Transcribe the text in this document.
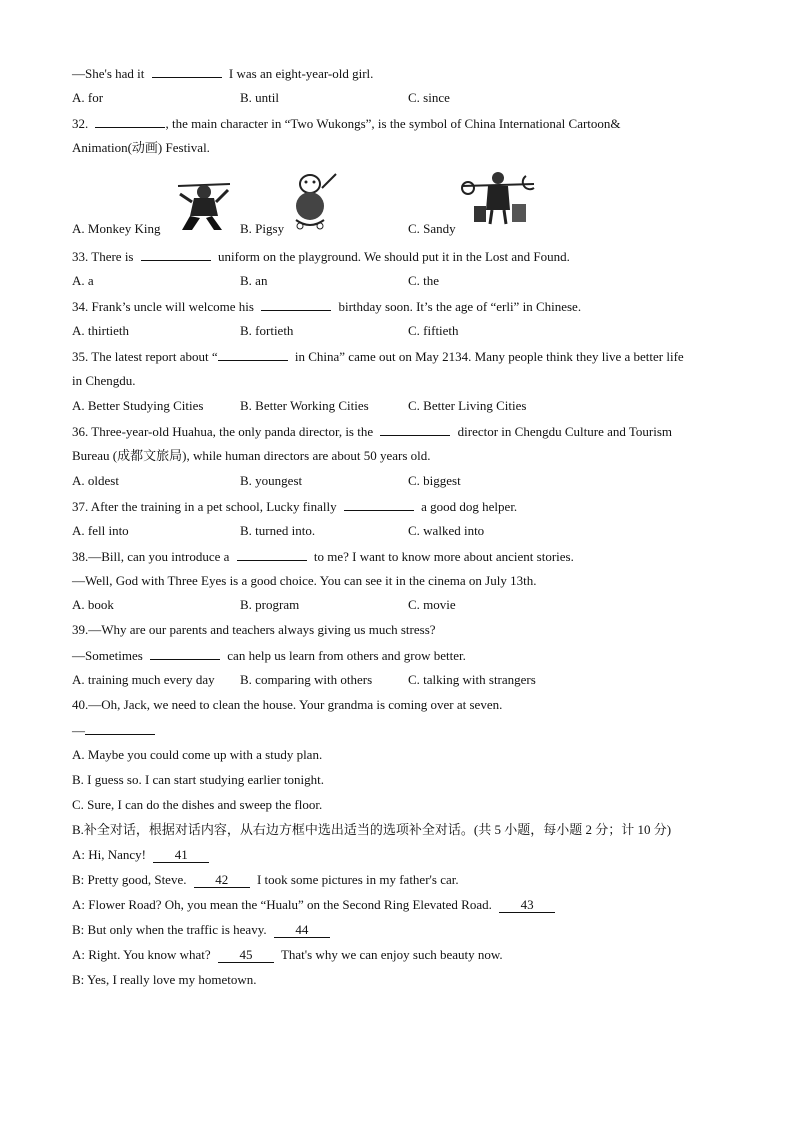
—She's had it	I was an eight-year-old girl.
A. for	B. until	C. since
32.	, the main character in “Two Wukongs”, is the symbol of China International Cartoon&
Animation(动画) Festival.
A. Monkey King	B. Pigsy	C. Sandy
33. There is	uniform on the playground. We should put it in the Lost and Found.
A. a	B. an	C. the
34. Frank’s uncle will welcome his	birthday soon. It’s the age of “erli” in Chinese.
A. thirtieth	B. fortieth	C. fiftieth
35. The latest report about “	in China” came out on May 2134. Many people think they live a better life
in Chengdu.
A. Better Studying Cities	B. Better Working Cities	C. Better Living Cities
36. Three-year-old Huahua, the only panda director, is the	director in Chengdu Culture and Tourism
Bureau (成都文旅局), while human directors are about 50 years old.
A. oldest	B. youngest	C. biggest
37. After the training in a pet school, Lucky finally	a good dog helper.
A. fell into	B. turned into.	C. walked into
38.—Bill, can you introduce a	to me? I want to know more about ancient stories.
—Well, God with Three Eyes is a good choice. You can see it in the cinema on July 13th.
A. book	B. program	C. movie
39.—Why are our parents and teachers always giving us much stress?
—Sometimes	can help us learn from others and grow better.
A. training much every day B. comparing with others	C. talking with strangers
40.—Oh, Jack, we need to clean the house. Your grandma is coming over at seven.
—
A. Maybe you could come up with a study plan.
B. I guess so. I can start studying earlier tonight.
C. Sure, I can do the dishes and sweep the floor.
B.补全对话，根据对话内容，从右边方框中选出适当的选项补全对话。(共 5 小题，每小题 2 分；计 10 分)
A: Hi, Nancy! 41
B: Pretty good, Steve. 42 I took some pictures in my father's car.
A: Flower Road? Oh, you mean the “Hualu” on the Second Ring Elevated Road. 43
B: But only when the traffic is heavy. 44
A: Right. You know what? 45 That's why we can enjoy such beauty now.
B: Yes, I really love my hometown.
